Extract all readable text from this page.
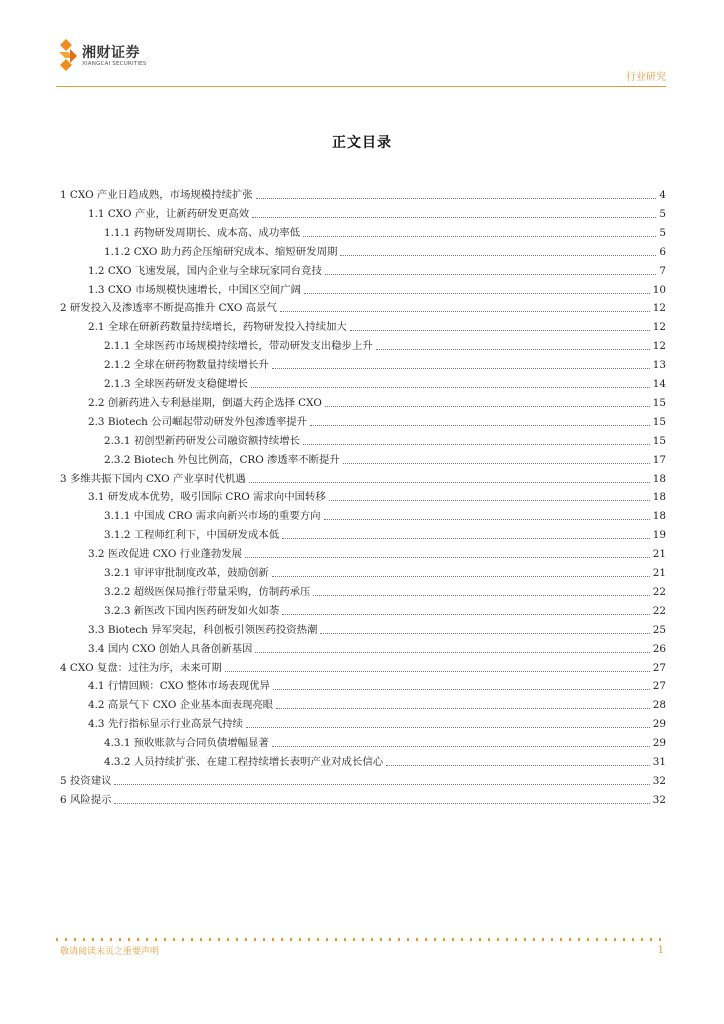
湘财证券
XIANGCAI SECURITIES
行业研究
正文目录
1 CXO 产业日趋成熟，市场规模持续扩张	4
1.1 CXO 产业，让新药研发更高效	5
1.1.1 药物研发周期长、成本高、成功率低	5
1.1.2 CXO 助力药企压缩研究成本、缩短研发周期	6
1.2 CXO 飞速发展，国内企业与全球玩家同台竞技	7
1.3 CXO 市场规模快速增长，中国区空间广阔	10
2 研发投入及渗透率不断提高推升 CXO 高景气	12
2.1 全球在研新药数量持续增长，药物研发投入持续加大	12
2.1.1 全球医药市场规模持续增长，带动研发支出稳步上升	12
2.1.2 全球在研药物数量持续增长升	13
2.1.3 全球医药研发支稳健增长	14
2.2 创新药进入专利悬崖期，倒逼大药企选择 CXO	15
2.3 Biotech 公司崛起带动研发外包渗透率提升	15
2.3.1 初创型新药研发公司融资额持续增长	15
2.3.2 Biotech 外包比例高，CRO 渗透率不断提升	17
3 多维共振下国内 CXO 产业享时代机遇	18
3.1 研发成本优势，吸引国际 CRO 需求向中国转移	18
3.1.1 中国成 CRO 需求向新兴市场的重要方向	18
3.1.2 工程师红利下，中国研发成本低	19
3.2 医改促进 CXO 行业蓬勃发展	21
3.2.1 审评审批制度改革，鼓励创新	21
3.2.2 超级医保局推行带量采购，仿制药承压	22
3.2.3 新医改下国内医药研发如火如荼	22
3.3 Biotech 异军突起，科创板引领医药投资热潮	25
3.4 国内 CXO 创始人具备创新基因	26
4 CXO 复盘：过往为序，未来可期	27
4.1 行情回顾：CXO 整体市场表现优异	27
4.2 高景气下 CXO 企业基本面表现亮眼	28
4.3 先行指标显示行业高景气持续	29
4.3.1 预收账款与合同负债增幅显著	29
4.3.2 人员持续扩张、在建工程持续增长表明产业对成长信心	31
5 投资建议	32
6 风险提示	32
敬请阅读末页之重要声明	1
